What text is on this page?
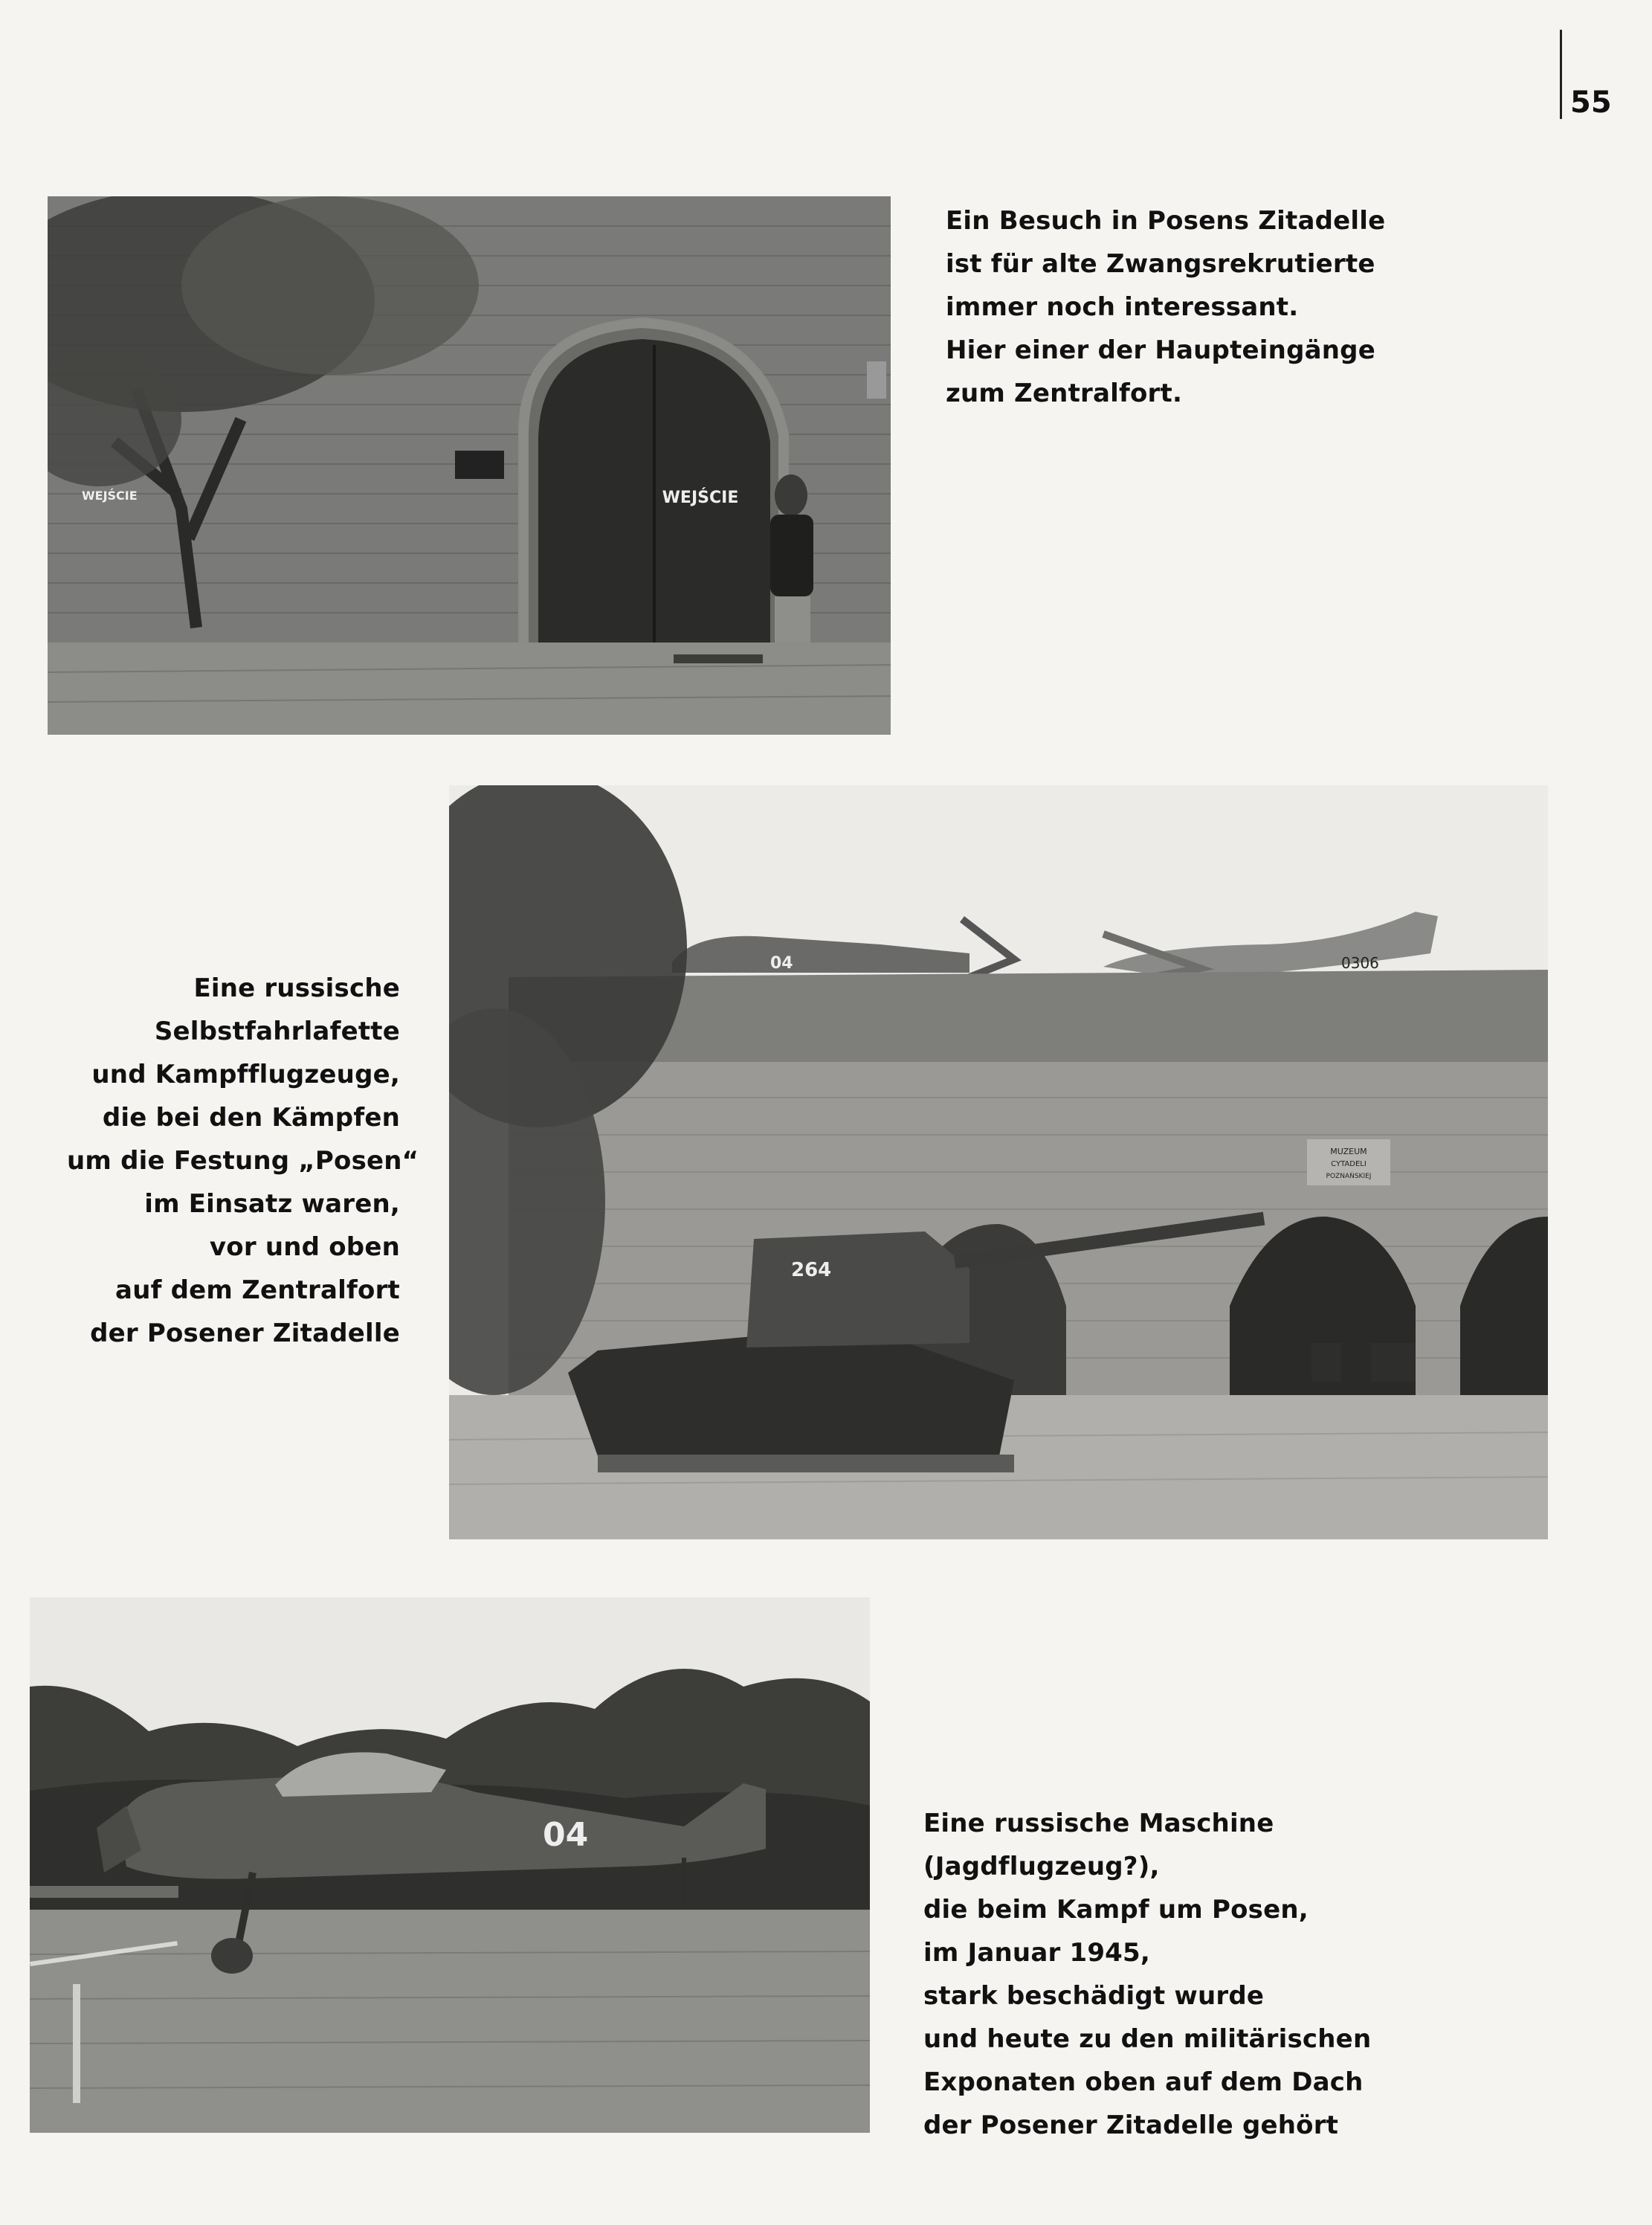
55
WEJŚCIE
WEJŚCIE
Ein Besuch in Posens Zitadelle
ist für alte Zwangsrekrutierte
immer noch interessant.
Hier einer der Haupteingänge
zum Zentralfort.
04	0306
MUZEUM
CYTADELI
POZNAŃSKIEJ
264
Eine russische
Selbstfahrlafette
und Kampfflugzeuge,
die bei den Kämpfen
um die Festung „Posen“
im Einsatz waren,
vor und oben
auf dem Zentralfort
der Posener Zitadelle
04	Eine russische Maschine
(Jagdflugzeug?),
die beim Kampf um Posen,
im Januar 1945,
stark beschädigt wurde
und heute zu den militärischen
Exponaten oben auf dem Dach
der Posener Zitadelle gehört
